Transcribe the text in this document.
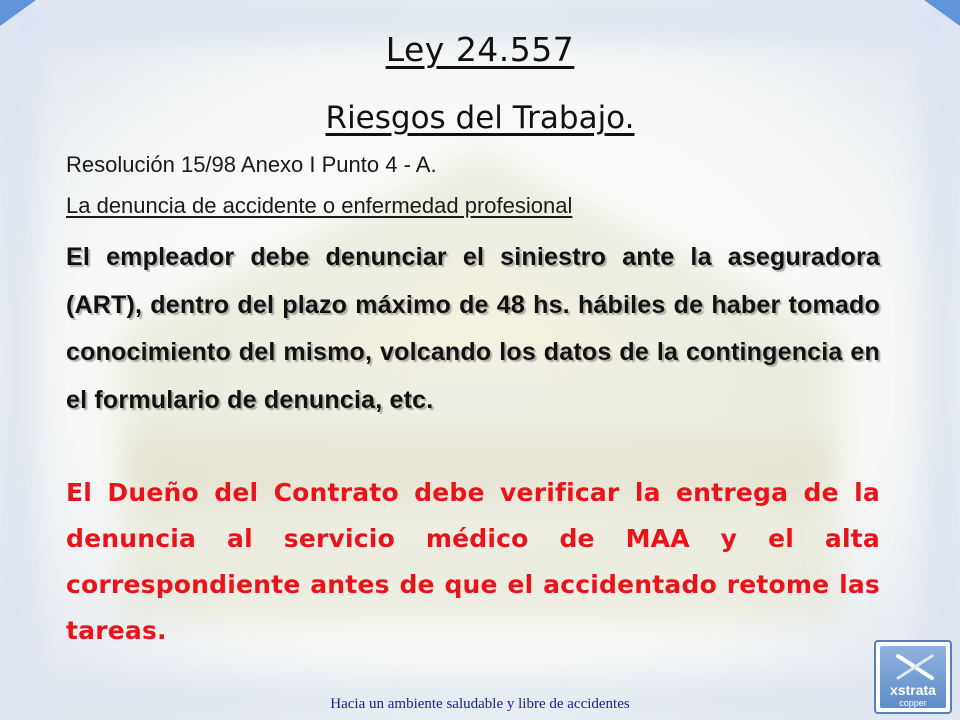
Ley 24.557
Riesgos del Trabajo.
Resolución 15/98 Anexo I Punto 4 - A.
La denuncia de accidente o enfermedad profesional
El empleador debe denunciar el siniestro ante la aseguradora (ART), dentro del plazo máximo de 48 hs. hábiles de haber tomado conocimiento del mismo, volcando los datos de la contingencia en el formulario de denuncia, etc.
El Dueño del Contrato debe verificar la entrega de la denuncia al servicio médico de MAA y el alta correspondiente antes de que el accidentado retome las tareas.
Hacia un ambiente saludable y libre de accidentes
xstrata
copper
